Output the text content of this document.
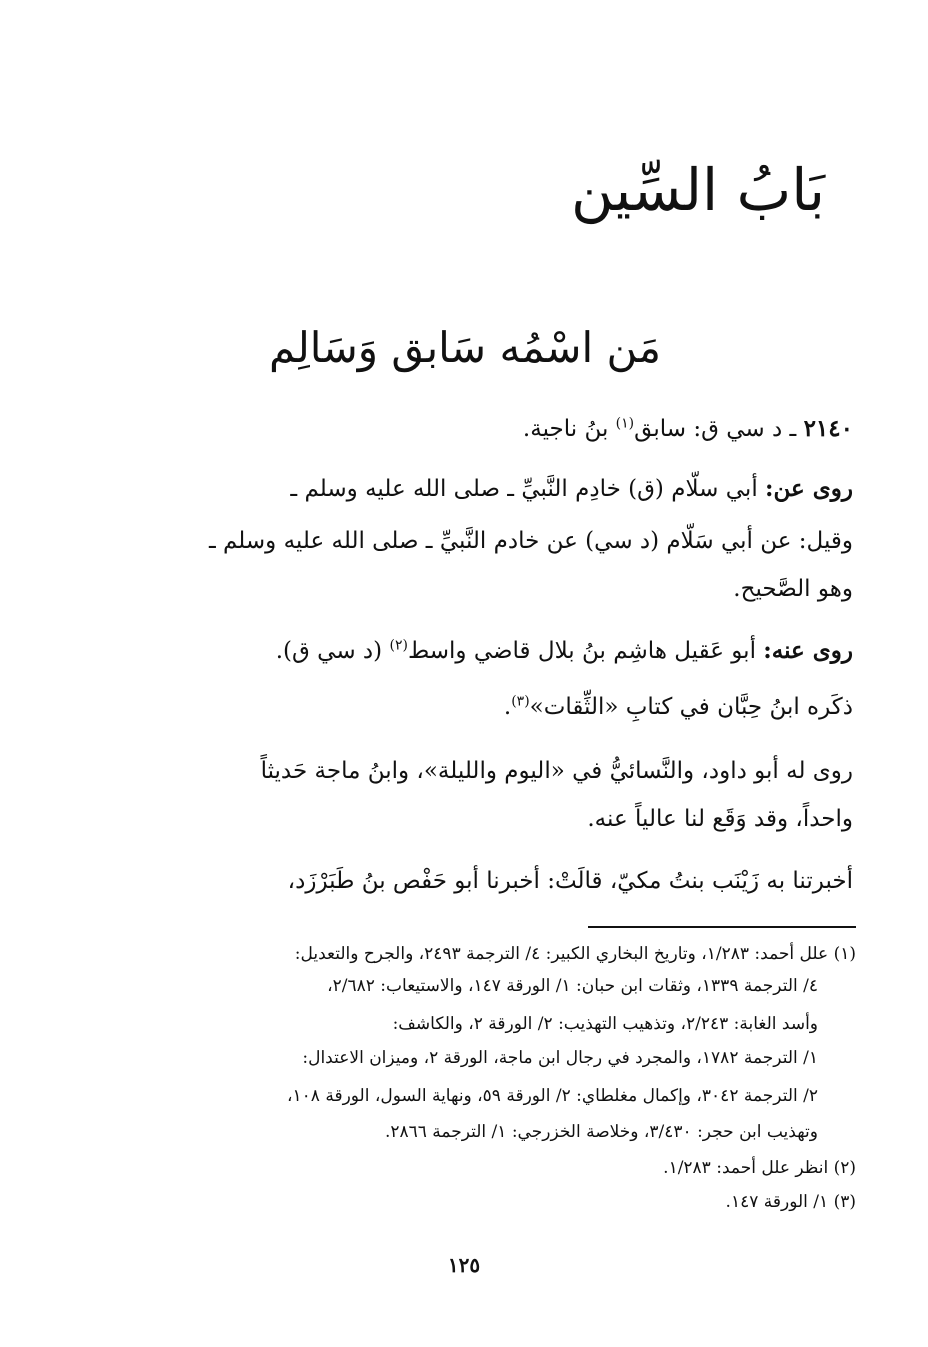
بَابُ السِّين
مَن اسْمُه سَابق وَسَالِم

٢١٤٠ ـ د سي ق: سابق$^{(١)}$ بنُ ناجية.

روى عن: أبي سلّام (ق) خادِم النَّبيِّ ـ صلى الله عليه وسلم ـ

وقيل: عن أبي سَلّام (د سي) عن خادم النَّبيِّ ـ صلى الله عليه وسلم ـ

وهو الصَّحيح.

روى عنه: أبو عَقيل هاشِم بنُ بلال قاضي واسط$^{(٢)}$ (د سي ق).

ذكَره ابنُ حِبَّان في كتابِ «الثِّقات»$^{(٣)}$.

روى له أبو داود، والنَّسائيُّ في «اليوم والليلة»، وابنُ ماجة حَديثاً

واحداً، وقد وَقَع لنا عالياً عنه.

أخبرتنا به زَيْنَب بنتُ مكيّ، قالَتْ: أخبرنا أبو حَفْص بنُ طَبَرْزَد،

(١) علل أحمد: ١/٢٨٣، وتاريخ البخاري الكبير: ٤/ الترجمة ٢٤٩٣، والجرح والتعديل:

٤/ الترجمة ١٣٣٩، وثقات ابن حبان: ١/ الورقة ١٤٧، والاستيعاب: ٢/٦٨٢،

وأسد الغابة: ٢/٢٤٣، وتذهيب التهذيب: ٢/ الورقة ٢، والكاشف:

١/ الترجمة ١٧٨٢، والمجرد في رجال ابن ماجة، الورقة ٢، وميزان الاعتدال:

٢/ الترجمة ٣٠٤٢، وإكمال مغلطاي: ٢/ الورقة ٥٩، ونهاية السول، الورقة ١٠٨،

وتهذيب ابن حجر: ٣/٤٣٠، وخلاصة الخزرجي: ١/ الترجمة ٢٨٦٦.

(٢) انظر علل أحمد: ١/٢٨٣.

(٣) ١/ الورقة ١٤٧.

١٢٥
